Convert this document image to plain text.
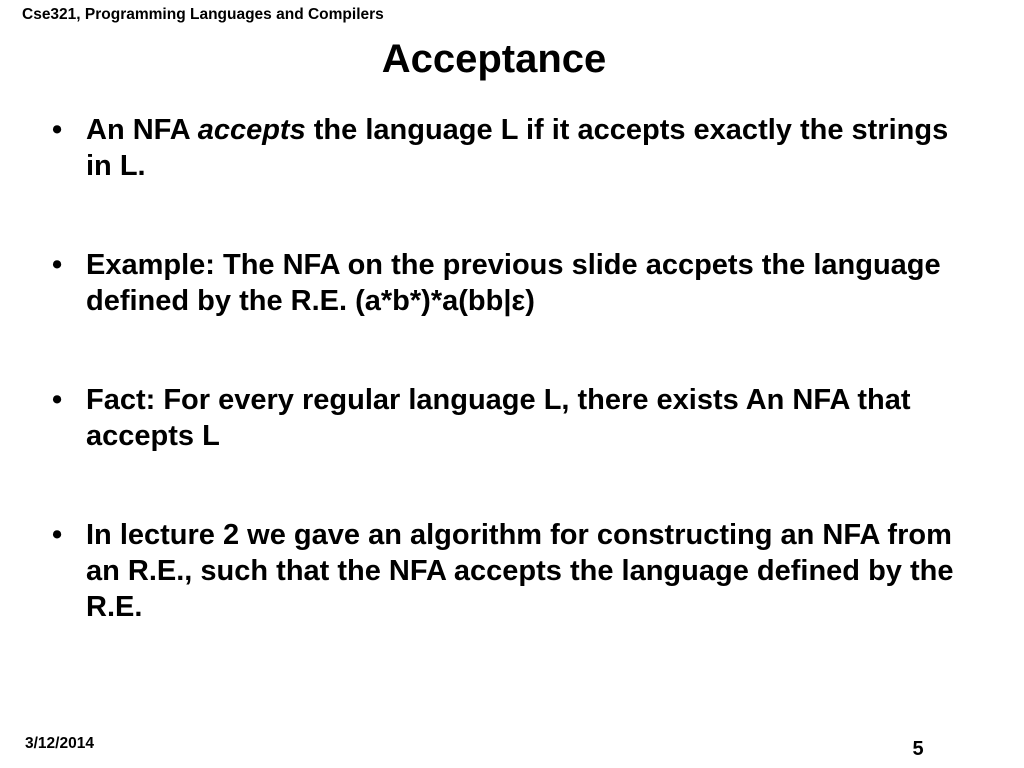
Cse321, Programming Languages and Compilers
Acceptance
• An NFA accepts the language L if it accepts exactly the strings in L.
• Example: The NFA on the previous slide accpets the language defined by the R.E. (a*b*)*a(bb|ε)
• Fact: For every regular language L, there exists An NFA that accepts L
• In lecture 2 we gave an algorithm for constructing an NFA from an R.E., such that the NFA accepts the language defined by the R.E.
3/12/2014	5
